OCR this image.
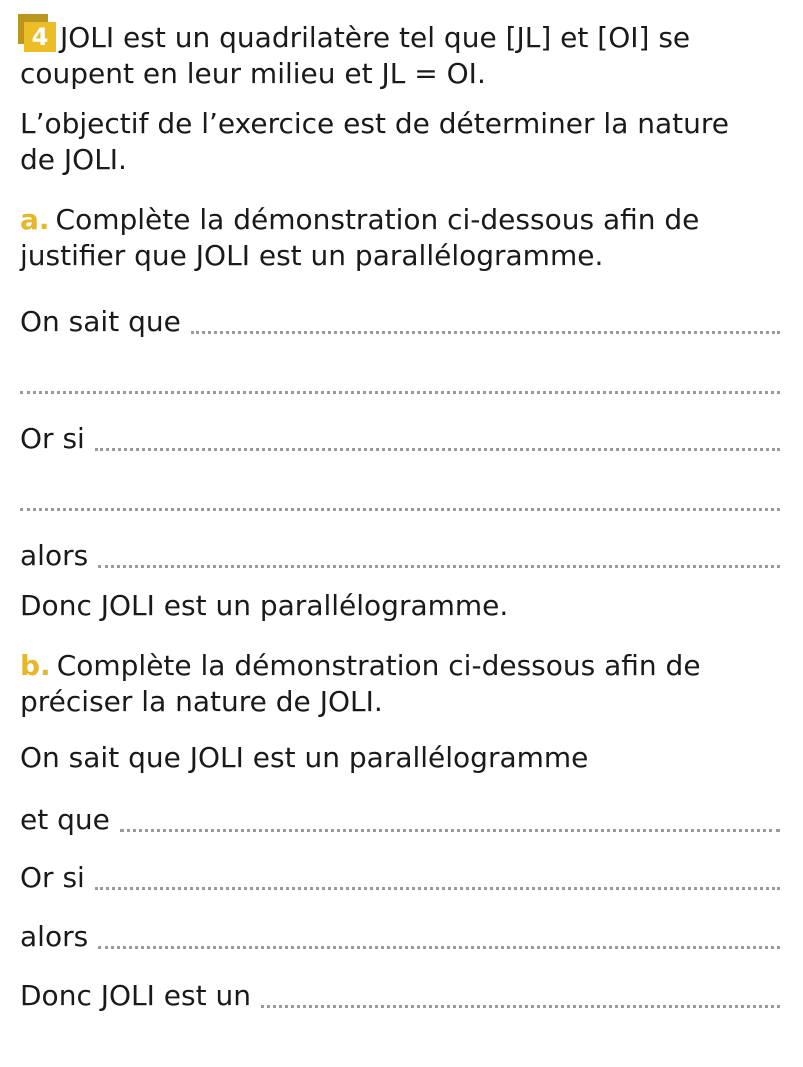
4 JOLI est un quadrilatère tel que [JL] et [OI] se
coupent en leur milieu et JL = OI.

L’objectif de l’exercice est de déterminer la nature
de JOLI.

a. Complète la démonstration ci-dessous afin de
justifier que JOLI est un parallélogramme.

On sait que
Or si
alors

Donc JOLI est un parallélogramme.

b. Complète la démonstration ci-dessous afin de
préciser la nature de JOLI.

On sait que JOLI est un parallélogramme

et que
Or si
alors
Donc JOLI est un
